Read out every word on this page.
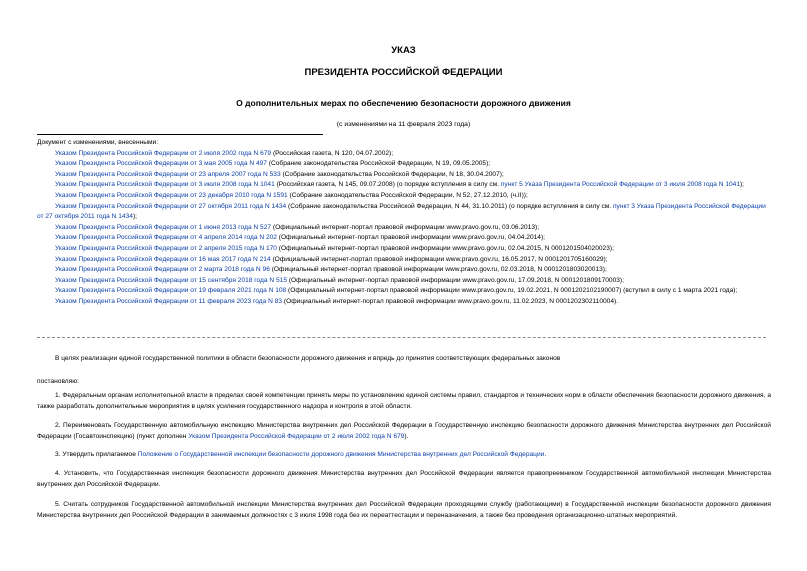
УКАЗ
ПРЕЗИДЕНТА РОССИЙСКОЙ ФЕДЕРАЦИИ
О дополнительных мерах по обеспечению безопасности дорожного движения
(с изменениями на 11 февраля 2023 года)
Документ с изменениями, внесенными:
Указом Президента Российской Федерации от 2 июля 2002 года N 679 (Российская газета, N 120, 04.07.2002);
Указом Президента Российской Федерации от 3 мая 2005 года N 497 (Собрание законодательства Российской Федерации, N 19, 09.05.2005);
Указом Президента Российской Федерации от 23 апреля 2007 года N 533 (Собрание законодательства Российской Федерации, N 18, 30.04.2007);
Указом Президента Российской Федерации от 3 июля 2008 года N 1041 (Российская газета, N 145, 09.07.2008) (о порядке вступления в силу см. пункт 5 Указа Президента Российской Федерации от 3 июля 2008 года N 1041);
Указом Президента Российской Федерации от 23 декабря 2010 года N 1591 (Собрание законодательства Российской Федерации, N 52, 27.12.2010, (ч.II));
Указом Президента Российской Федерации от 27 октября 2011 года N 1434 (Собрание законодательства Российской Федерации, N 44, 31.10.2011) (о порядке вступления в силу см. пункт 3 Указа Президента Российской Федерации от 27 октября 2011 года N 1434);
Указом Президента Российской Федерации от 1 июня 2013 года N 527 (Официальный интернет-портал правовой информации www.pravo.gov.ru, 03.06.2013);
Указом Президента Российской Федерации от 4 апреля 2014 года N 202 (Официальный интернет-портал правовой информации www.pravo.gov.ru, 04.04.2014);
Указом Президента Российской Федерации от 2 апреля 2015 года N 170 (Официальный интернет-портал правовой информации www.pravo.gov.ru, 02.04.2015, N 0001201504020023);
Указом Президента Российской Федерации от 16 мая 2017 года N 214 (Официальный интернет-портал правовой информации www.pravo.gov.ru, 16.05.2017, N 0001201705160029);
Указом Президента Российской Федерации от 2 марта 2018 года N 96 (Официальный интернет-портал правовой информации www.pravo.gov.ru, 02.03.2018, N 0001201803020013);
Указом Президента Российской Федерации от 15 сентября 2018 года N 515 (Официальный интернет-портал правовой информации www.pravo.gov.ru, 17.09.2018, N 0001201809170003);
Указом Президента Российской Федерации от 19 февраля 2021 года N 108 (Официальный интернет-портал правовой информации www.pravo.gov.ru, 19.02.2021, N 0001202102190007) (вступил в силу с 1 марта 2021 года);
Указом Президента Российской Федерации от 11 февраля 2023 года N 83 (Официальный интернет-портал правовой информации www.pravo.gov.ru, 11.02.2023, N 0001202302110004).
В целях реализации единой государственной политики в области безопасности дорожного движения и впредь до принятия соответствующих федеральных законов
постановляю:
1. Федеральным органам исполнительной власти в пределах своей компетенции принять меры по установлению единой системы правил, стандартов и технических норм в области обеспечения безопасности дорожного движения, а также разработать дополнительные мероприятия в целях усиления государственного надзора и контроля в этой области.
2. Переименовать Государственную автомобильную инспекцию Министерства внутренних дел Российской Федерации в Государственную инспекцию безопасности дорожного движения Министерства внутренних дел Российской Федерации (Госавтоинспекцию) (пункт дополнен Указом Президента Российской Федерации от 2 июля 2002 года N 679).
3. Утвердить прилагаемое Положение о Государственной инспекции безопасности дорожного движения Министерства внутренних дел Российской Федерации.
4. Установить, что Государственная инспекция безопасности дорожного движения Министерства внутренних дел Российской Федерации является правопреемником Государственной автомобильной инспекции Министерства внутренних дел Российской Федерации.
5. Считать сотрудников Государственной автомобильной инспекции Министерства внутренних дел Российской Федерации проходящими службу (работающими) в Государственной инспекции безопасности дорожного движения Министерства внутренних дел Российской Федерации в занимаемых должностях с 3 июля 1998 года без их переаттестации и переназначения, а также без проведения организационно-штатных мероприятий.
